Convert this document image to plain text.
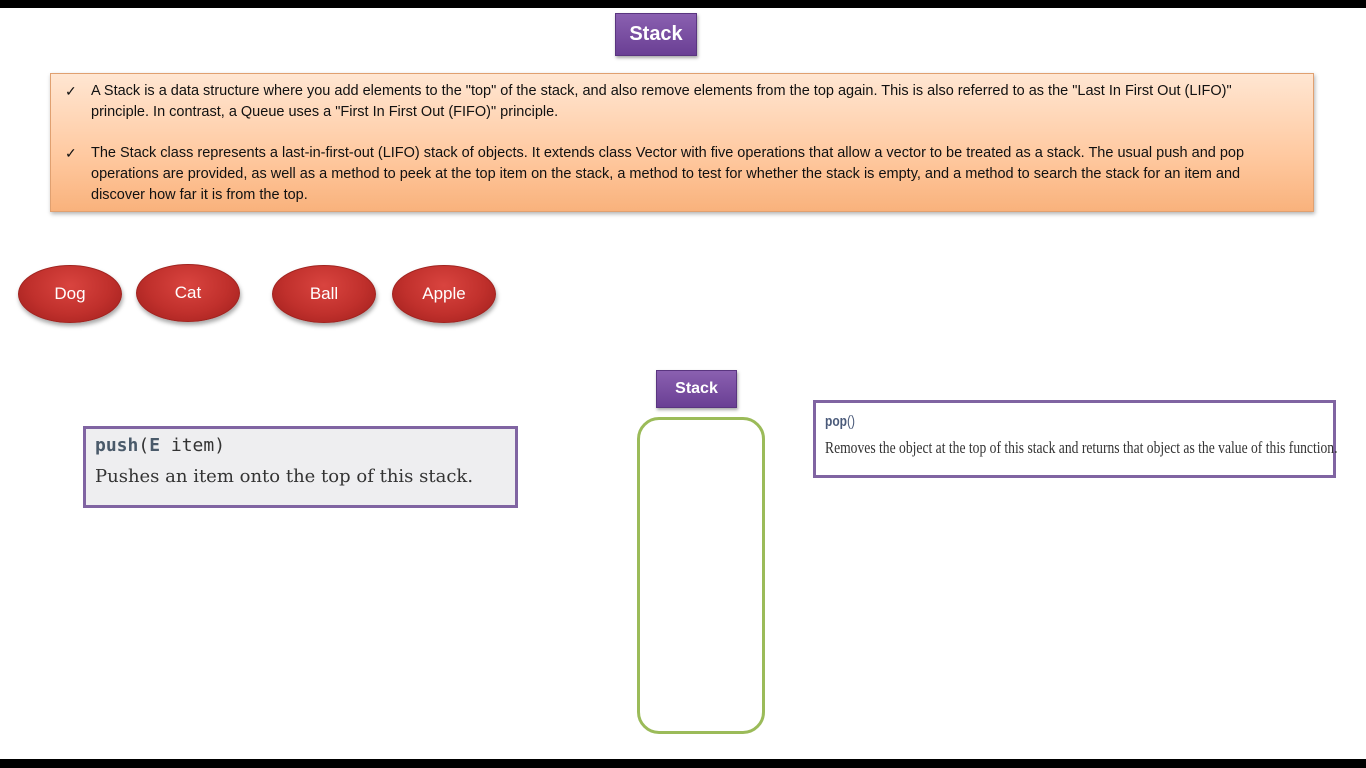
Stack
✓ A Stack is a data structure where you add elements to the "top" of the stack, and also remove elements from the top again. This is also referred to as the "Last In First Out (LIFO)" principle. In contrast, a Queue uses a "First In First Out (FIFO)" principle.
✓ The Stack class represents a last-in-first-out (LIFO) stack of objects. It extends class Vector with five operations that allow a vector to be treated as a stack. The usual push and pop operations are provided, as well as a method to peek at the top item on the stack, a method to test for whether the stack is empty, and a method to search the stack for an item and discover how far it is from the top.
Dog	Cat	Ball	Apple
Stack
push(E item)
Pushes an item onto the top of this stack.
pop()
Removes the object at the top of this stack and returns that object as the value of this function.
